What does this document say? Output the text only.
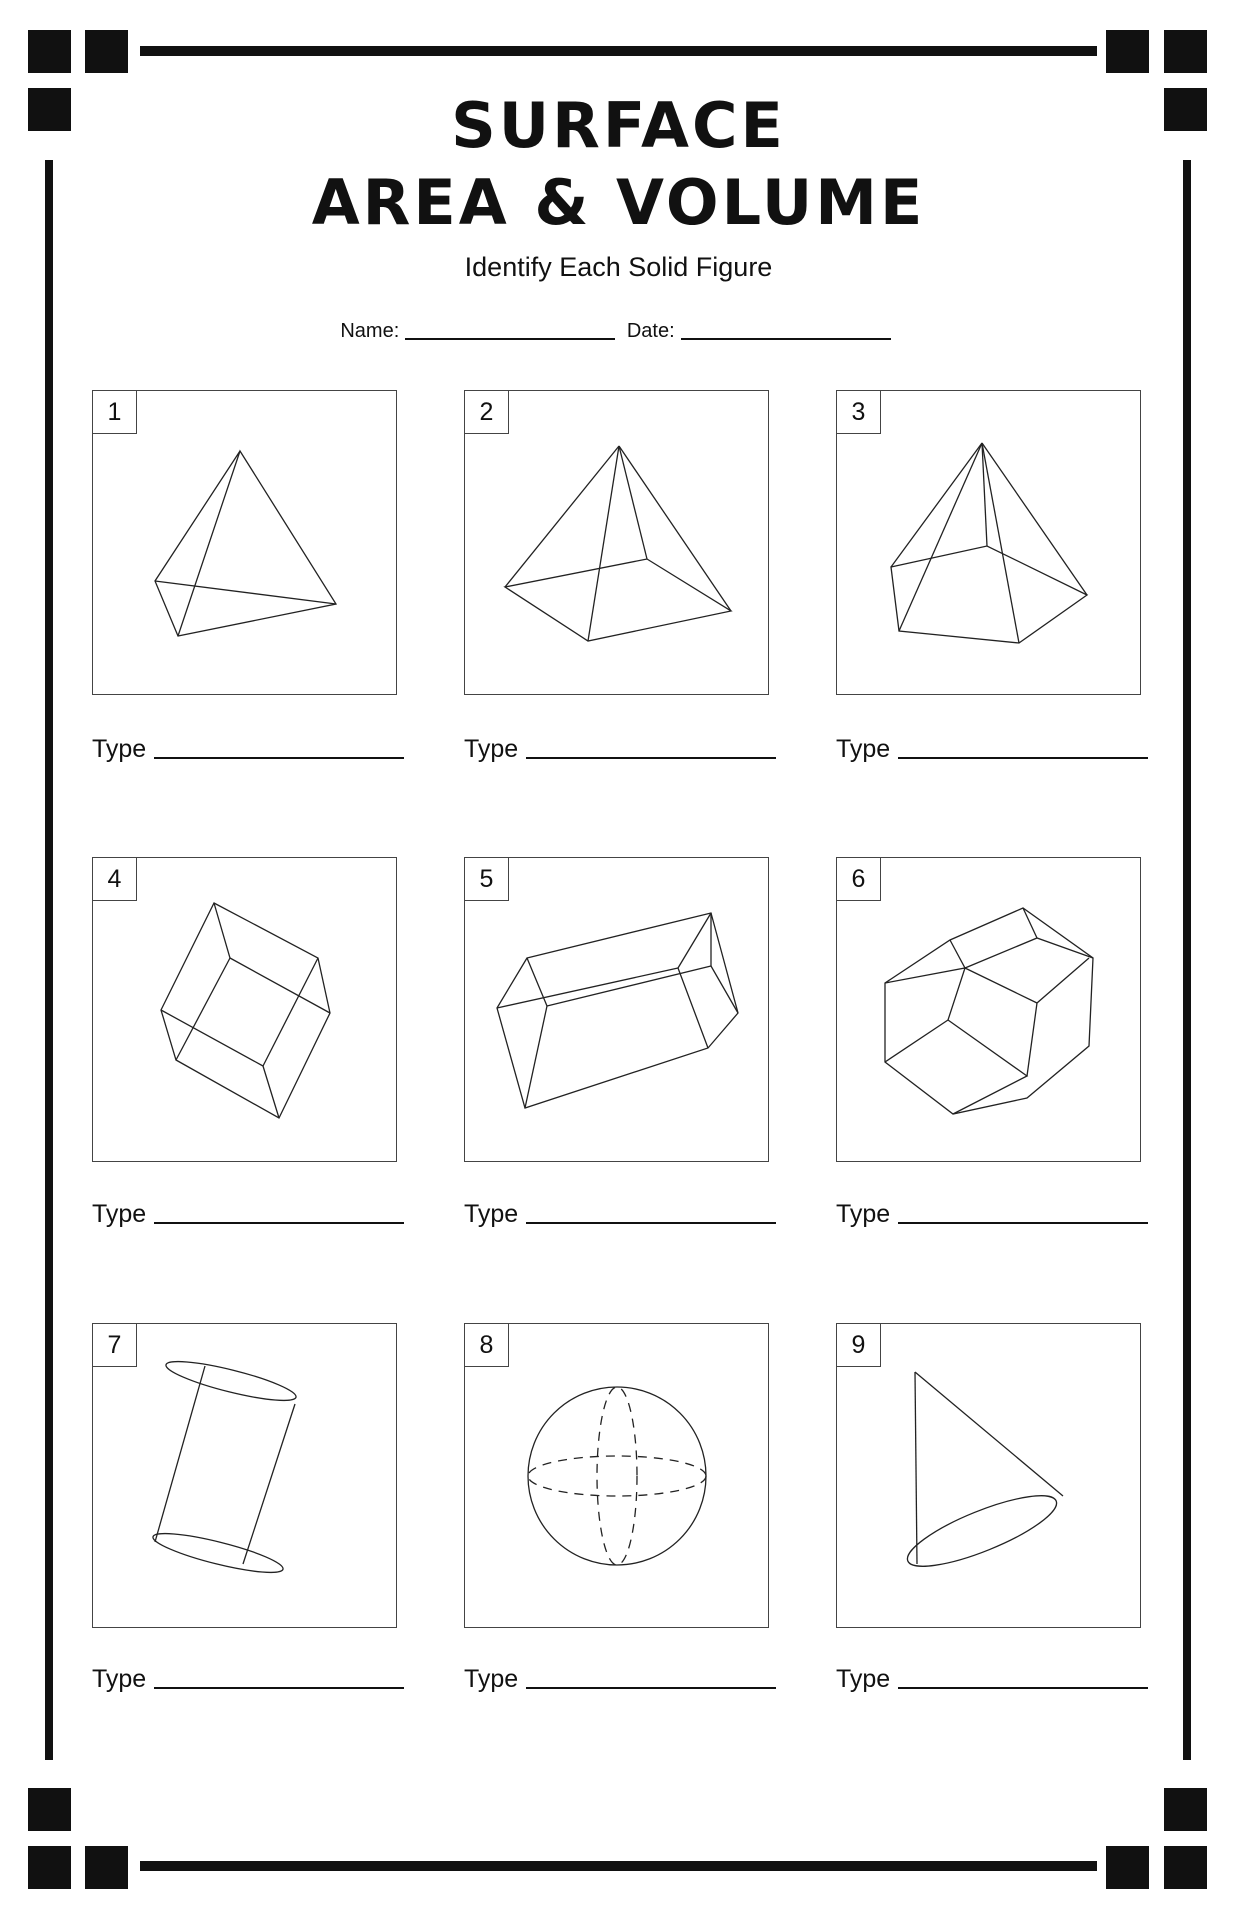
SURFACE
AREA & VOLUME
Identify Each Solid Figure
Name:	Date:
1
Type
2
Type
3
Type
4
Type
5
Type
6
Type
7
Type
8
Type
9
Type
